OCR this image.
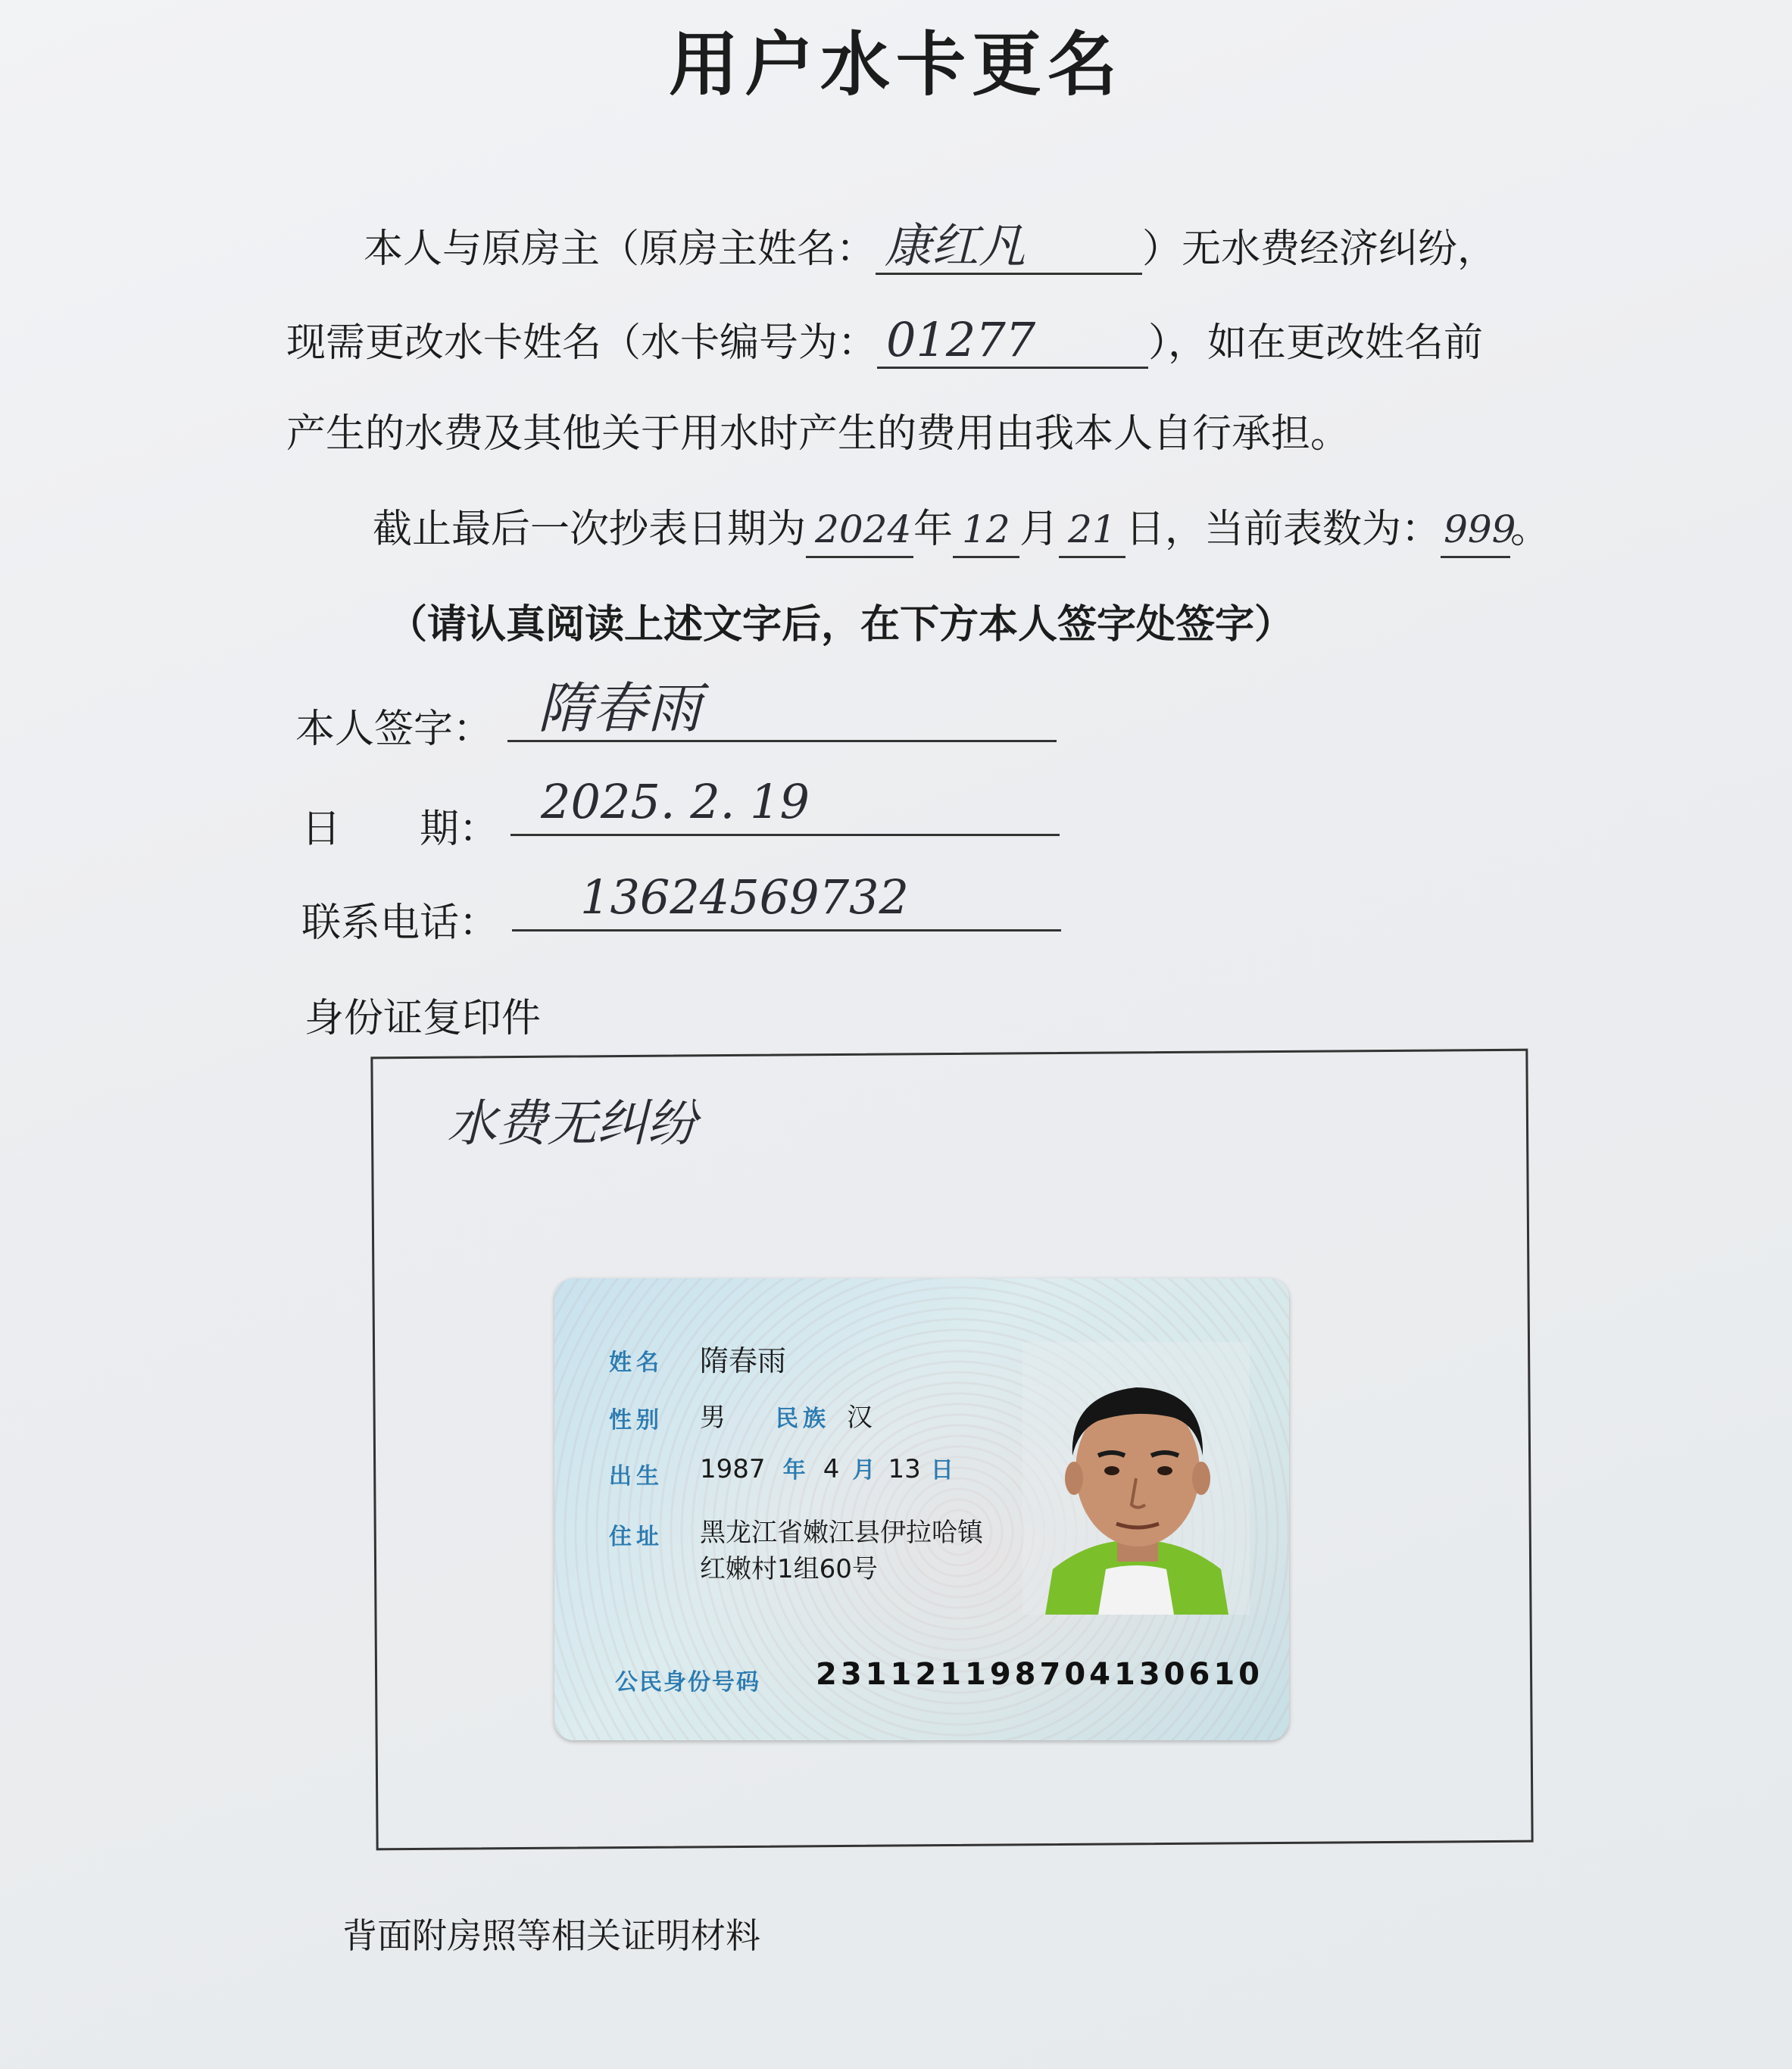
用户水卡更名
本人与原房主（原房主姓名： 康红凡	）无水费经济纠纷，
现需更改水卡姓名（水卡编号为： 01277	），如在更改姓名前
产生的水费及其他关于用水时产生的费用由我本人自行承担。
截止最后一次抄表日期为 2024年 12 月 21 日，当前表数为：999。
（请认真阅读上述文字后，在下方本人签字处签字）
本人签字： 隋春雨
日　　期： 2025. 2. 19
联系电话：	13624569732
身份证复印件
水费无纠纷
姓名 隋春雨
性别 男 民族 汉
出生 1987 年 4 月 13 日
住址 黑龙江省嫩江县伊拉哈镇
红嫩村1组60号
公民身份号码 231121198704130610
背面附房照等相关证明材料
